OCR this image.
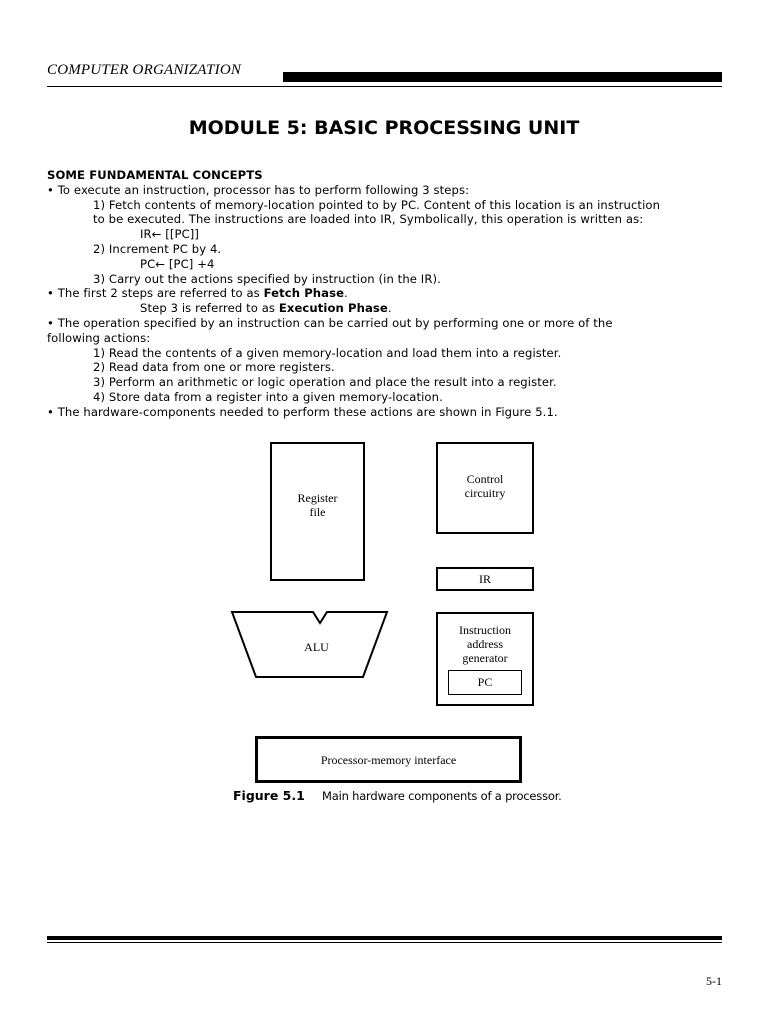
COMPUTER ORGANIZATION
MODULE 5: BASIC PROCESSING UNIT
SOME FUNDAMENTAL CONCEPTS
• To execute an instruction, processor has to perform following 3 steps:
1) Fetch contents of memory-location pointed to by PC. Content of this location is an instruction
to be executed. The instructions are loaded into IR, Symbolically, this operation is written as:
IR← [[PC]]
2) Increment PC by 4.
PC← [PC] +4
3) Carry out the actions specified by instruction (in the IR).
• The first 2 steps are referred to as Fetch Phase.
Step 3 is referred to as Execution Phase.
• The operation specified by an instruction can be carried out by performing one or more of the
following actions:
1) Read the contents of a given memory-location and load them into a register.
2) Read data from one or more registers.
3) Perform an arithmetic or logic operation and place the result into a register.
4) Store data from a register into a given memory-location.
• The hardware-components needed to perform these actions are shown in Figure 5.1.
Register
file
Control
circuitry
IR
ALU
Instruction
address
generator
PC
Processor-memory interface
Figure 5.1 Main hardware components of a processor.
5-1
